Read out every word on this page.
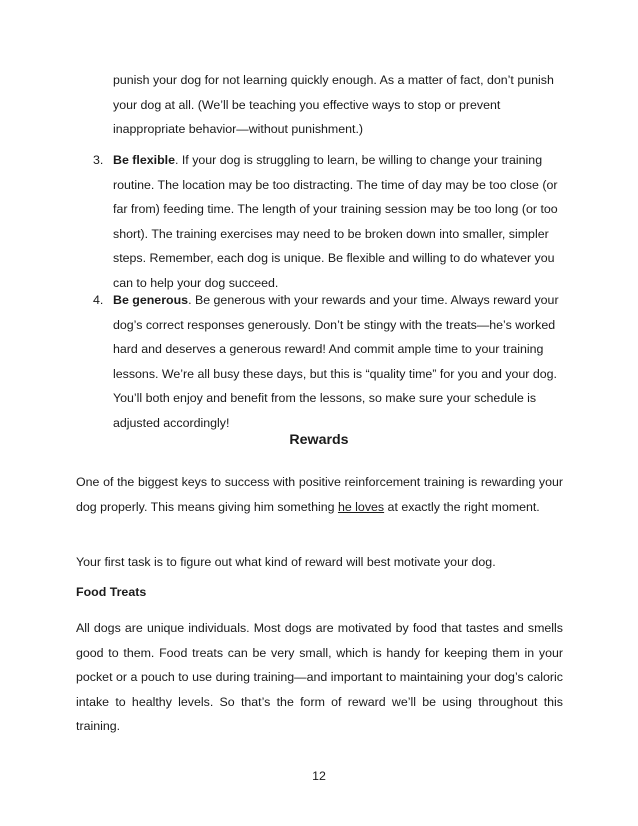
punish your dog for not learning quickly enough. As a matter of fact, don’t punish your dog at all. (We’ll be teaching you effective ways to stop or prevent inappropriate behavior—without punishment.)
3. Be flexible. If your dog is struggling to learn, be willing to change your training routine. The location may be too distracting. The time of day may be too close (or far from) feeding time. The length of your training session may be too long (or too short). The training exercises may need to be broken down into smaller, simpler steps. Remember, each dog is unique. Be flexible and willing to do whatever you can to help your dog succeed.
4. Be generous. Be generous with your rewards and your time. Always reward your dog’s correct responses generously. Don’t be stingy with the treats—he’s worked hard and deserves a generous reward! And commit ample time to your training lessons. We’re all busy these days, but this is “quality time” for you and your dog. You’ll both enjoy and benefit from the lessons, so make sure your schedule is adjusted accordingly!
Rewards
One of the biggest keys to success with positive reinforcement training is rewarding your dog properly. This means giving him something he loves at exactly the right moment.
Your first task is to figure out what kind of reward will best motivate your dog.
Food Treats
All dogs are unique individuals. Most dogs are motivated by food that tastes and smells good to them. Food treats can be very small, which is handy for keeping them in your pocket or a pouch to use during training—and important to maintaining your dog’s caloric intake to healthy levels. So that’s the form of reward we’ll be using throughout this training.
12
